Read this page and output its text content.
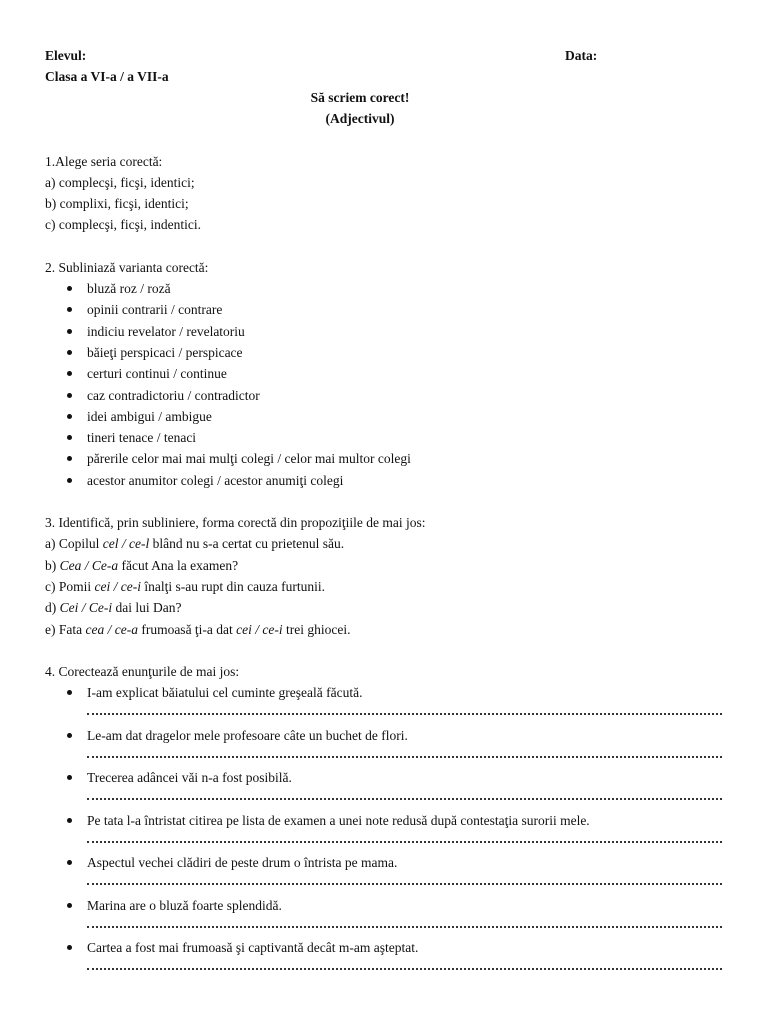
Elevul:	Data:
Clasa a VI-a / a VII-a
Să scriem corect!
(Adjectivul)

1.Alege seria corectă:

a) complecşi, ficşi, identici;

b) complixi, ficşi, identici;

c) complecşi, ficşi, indentici.

2. Subliniază varianta corectă:

bluză roz / roză
opinii contrarii / contrare
indiciu revelator / revelatoriu
băieţi perspicaci / perspicace
certuri continui / continue
caz contradictoriu / contradictor
idei ambigui / ambigue
tineri tenace / tenaci
părerile celor mai mai mulţi colegi / celor mai multor colegi
acestor anumitor colegi / acestor anumiţi colegi

3. Identifică, prin subliniere, forma corectă din propoziţiile de mai jos:

a) Copilul cel / ce-l blând nu s-a certat cu prietenul său.

b) Cea / Ce-a făcut Ana la examen?

c) Pomii cei / ce-i înalţi s-au rupt din cauza furtunii.

d) Cei / Ce-i dai lui Dan?

e) Fata cea / ce-a frumoasă ţi-a dat cei / ce-i trei ghiocei.

4. Corectează enunţurile de mai jos:

I-am explicat băiatului cel cuminte greşeală făcută.
Le-am dat dragelor mele profesoare câte un buchet de flori.
Trecerea adâncei văi n-a fost posibilă.
Pe tata l-a întristat citirea pe lista de examen a unei note redusă după contestaţia surorii mele.
Aspectul vechei clădiri de peste drum o întrista pe mama.
Marina are o bluză foarte splendidă.
Cartea a fost mai frumoasă şi captivantă decât m-am aşteptat.
